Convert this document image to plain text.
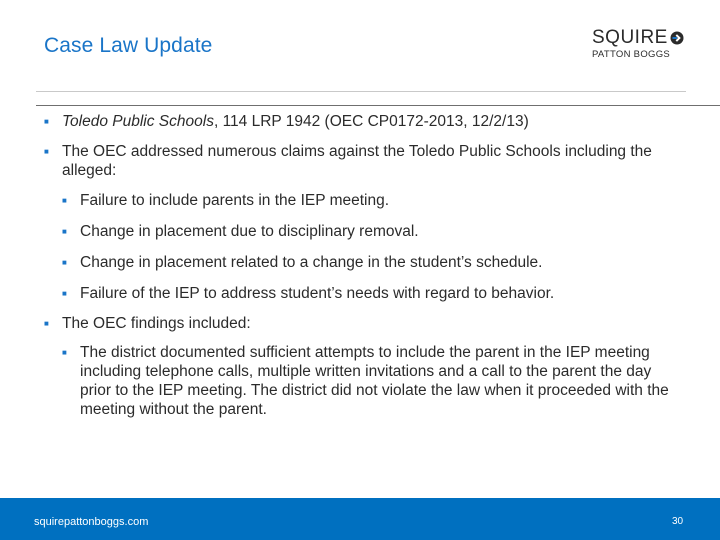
Case Law Update	SQUIRE
PATTON BOGGS
■ Toledo Public Schools, 114 LRP 1942 (OEC CP0172-2013, 12/2/13)
■ The OEC addressed numerous claims against the Toledo Public Schools including the alleged:
■ Failure to include parents in the IEP meeting.
■ Change in placement due to disciplinary removal.
■ Change in placement related to a change in the student’s schedule.
■ Failure of the IEP to address student’s needs with regard to behavior.
■ The OEC findings included:
■ The district documented sufficient attempts to include the parent in the IEP meeting including telephone calls, multiple written invitations and a call to the parent the day prior to the IEP meeting. The district did not violate the law when it proceeded with the meeting without the parent.
squirepattonboggs.com	30
